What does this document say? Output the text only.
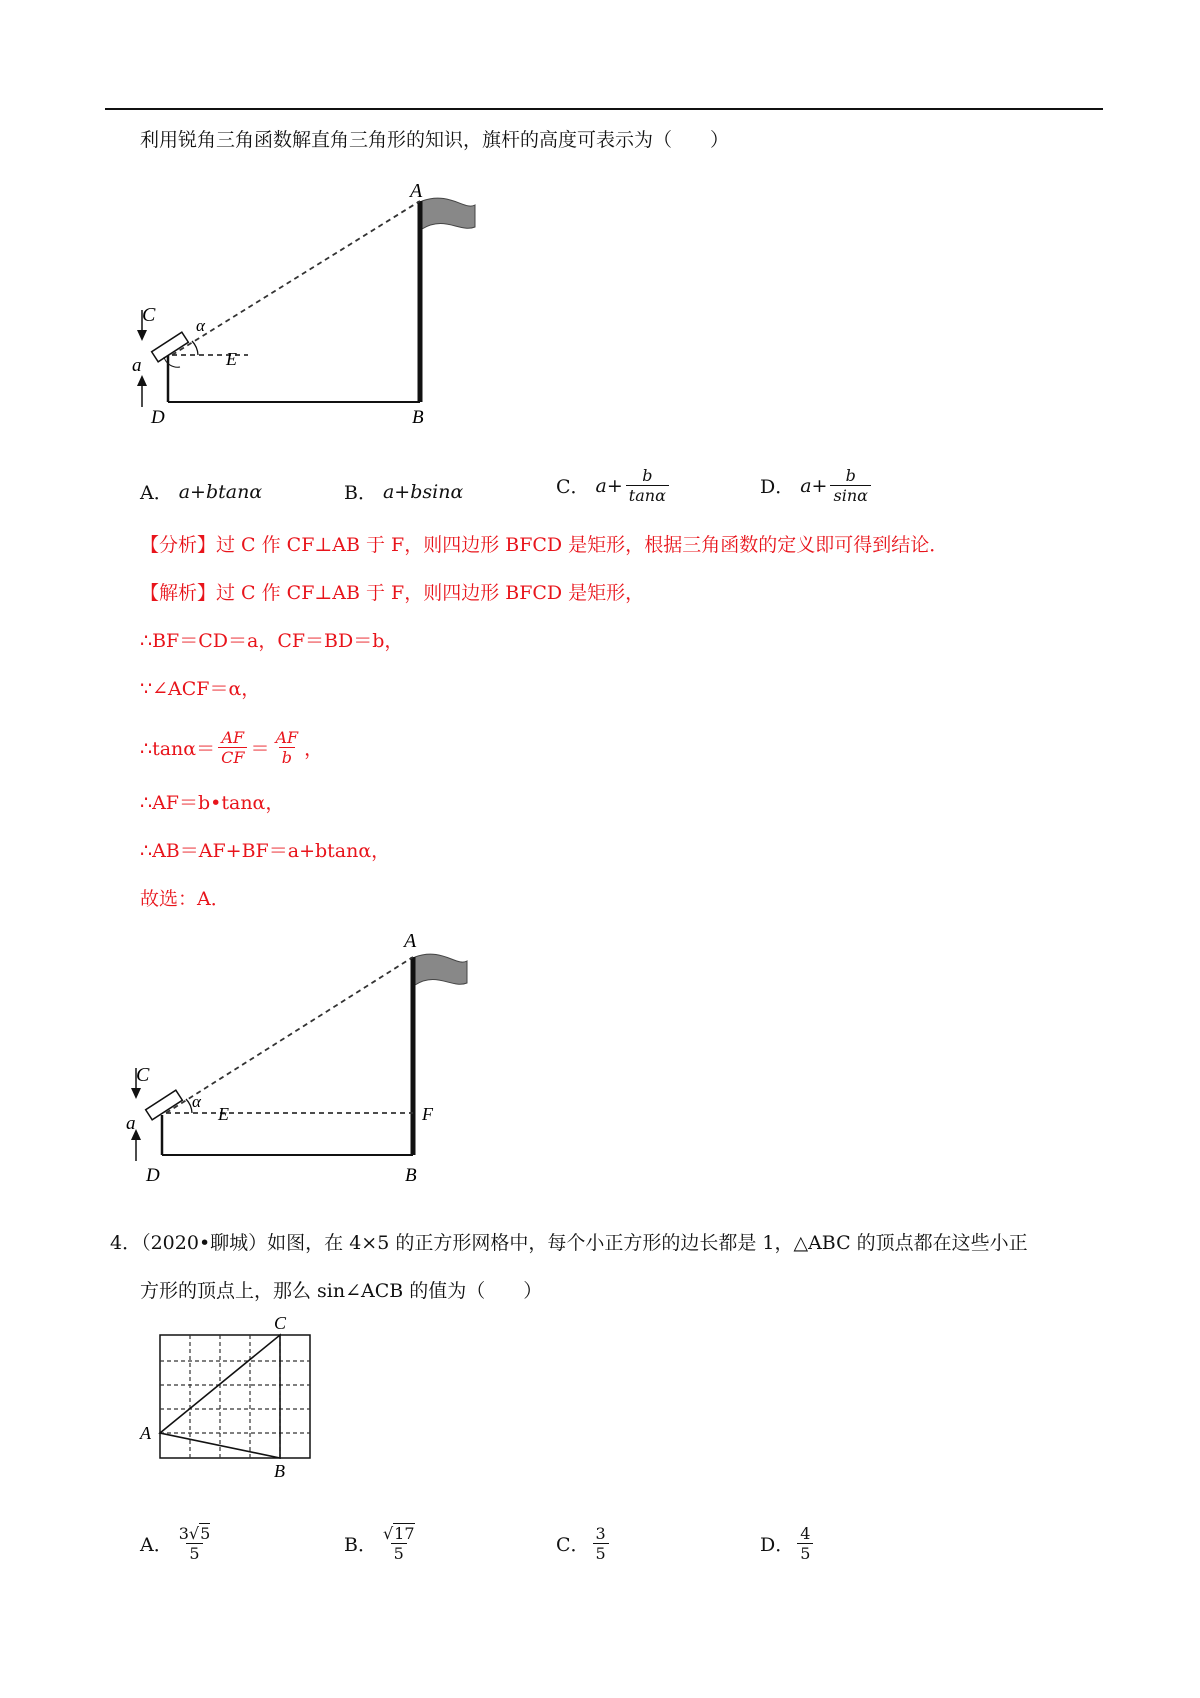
利用锐角三角函数解直角三角形的知识，旗杆的高度可表示为（　　）
A
C α
E
a
D	B
A． a+btanα	B． a+bsinα	C． $a+ \frac{b}{\tan\alpha}$	D． $a+ \frac{b}{\sin\alpha}$
【分析】过 C 作 CF⊥AB 于 F，则四边形 BFCD 是矩形，根据三角函数的定义即可得到结论．
【解析】过 C 作 CF⊥AB 于 F，则四边形 BFCD 是矩形，
∴BF＝CD＝a，CF＝BD＝b，
∵∠ACF＝α，
∴tanα＝ $\frac{AF}{CF} = \frac{AF}{b}$ ，
∴AF＝b•tanα，
∴AB＝AF+BF＝a+btanα，
故选：A．
A
C
α
E	F
a
D	B
4．（2020•聊城）如图，在 4×5 的正方形网格中，每个小正方形的边长都是 1，△ABC 的顶点都在这些小正
方形的顶点上，那么 sin∠ACB 的值为（　　）
C
A
B
A． $\frac{3√5}{5}$	B． $\frac{√17}{5}$	C． $\frac{3}{5}$	D． $\frac{4}{5}$
